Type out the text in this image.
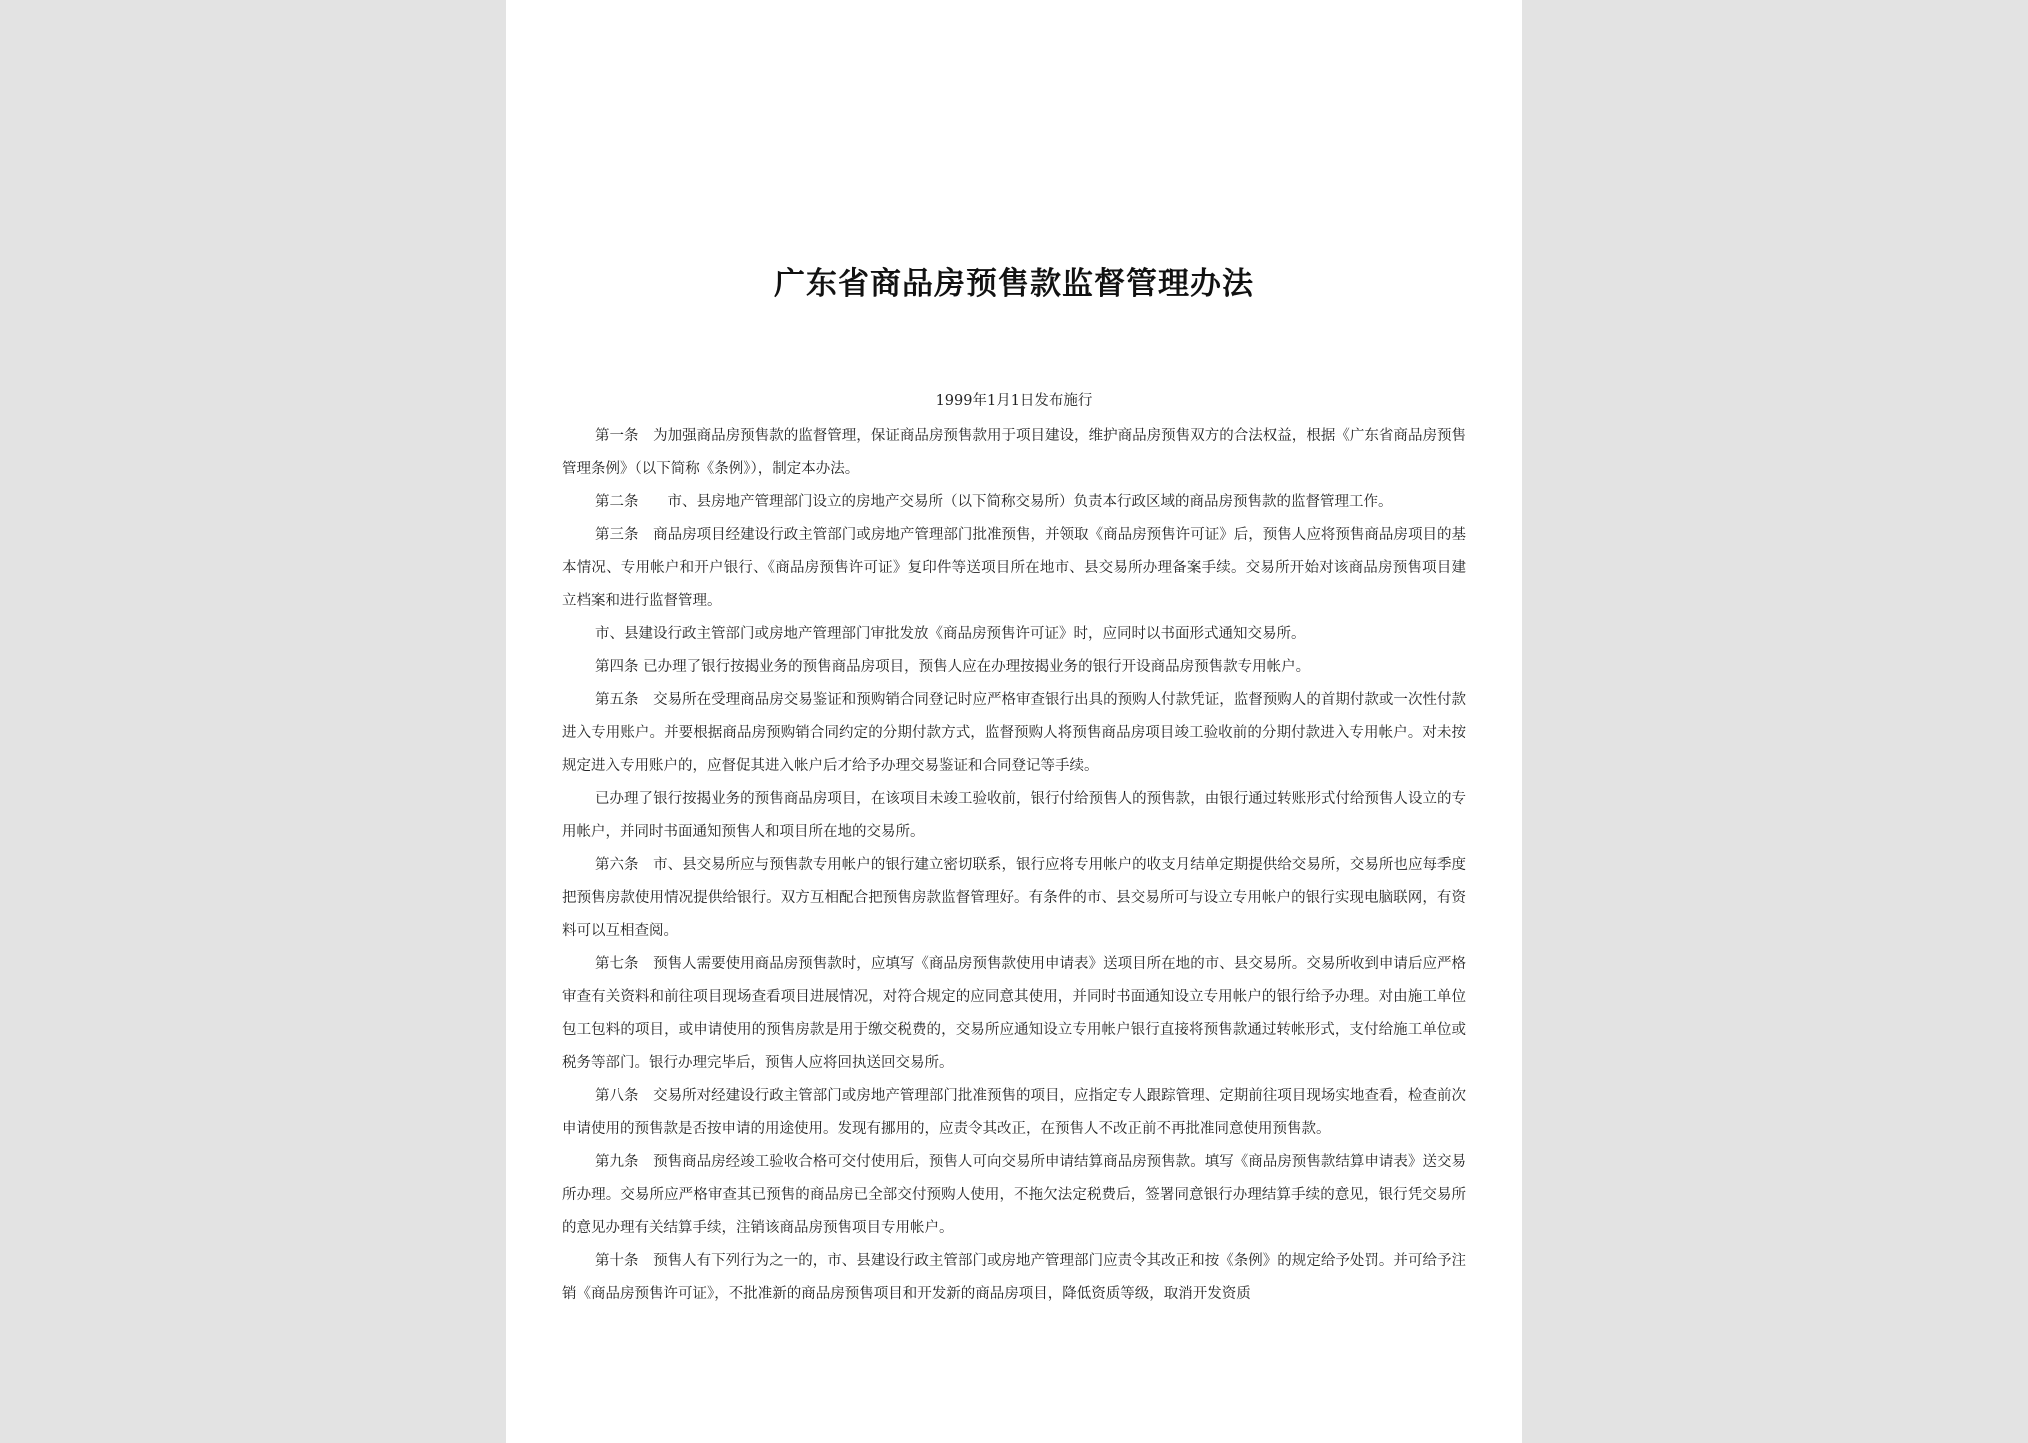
广东省商品房预售款监督管理办法
1999年1月1日发布施行

第一条　为加强商品房预售款的监督管理，保证商品房预售款用于项目建设，维护商品房预售双方的合法权益，根据《广东省商品房预售管理条例》（以下简称《条例》），制定本办法。

第二条　　市、县房地产管理部门设立的房地产交易所（以下简称交易所）负责本行政区域的商品房预售款的监督管理工作。

第三条　商品房项目经建设行政主管部门或房地产管理部门批准预售，并领取《商品房预售许可证》后，预售人应将预售商品房项目的基本情况、专用帐户和开户银行、《商品房预售许可证》复印件等送项目所在地市、县交易所办理备案手续。交易所开始对该商品房预售项目建立档案和进行监督管理。

市、县建设行政主管部门或房地产管理部门审批发放《商品房预售许可证》时，应同时以书面形式通知交易所。

第四条 已办理了银行按揭业务的预售商品房项目，预售人应在办理按揭业务的银行开设商品房预售款专用帐户。

第五条　交易所在受理商品房交易鉴证和预购销合同登记时应严格审查银行出具的预购人付款凭证，监督预购人的首期付款或一次性付款进入专用账户。并要根据商品房预购销合同约定的分期付款方式，监督预购人将预售商品房项目竣工验收前的分期付款进入专用帐户。对未按规定进入专用账户的，应督促其进入帐户后才给予办理交易鉴证和合同登记等手续。

已办理了银行按揭业务的预售商品房项目，在该项目未竣工验收前，银行付给预售人的预售款，由银行通过转账形式付给预售人设立的专用帐户，并同时书面通知预售人和项目所在地的交易所。

第六条　市、县交易所应与预售款专用帐户的银行建立密切联系，银行应将专用帐户的收支月结单定期提供给交易所，交易所也应每季度把预售房款使用情况提供给银行。双方互相配合把预售房款监督管理好。有条件的市、县交易所可与设立专用帐户的银行实现电脑联网，有资料可以互相查阅。

第七条　预售人需要使用商品房预售款时，应填写《商品房预售款使用申请表》送项目所在地的市、县交易所。交易所收到申请后应严格审查有关资料和前往项目现场查看项目进展情况，对符合规定的应同意其使用，并同时书面通知设立专用帐户的银行给予办理。对由施工单位包工包料的项目，或申请使用的预售房款是用于缴交税费的，交易所应通知设立专用帐户银行直接将预售款通过转帐形式，支付给施工单位或税务等部门。银行办理完毕后，预售人应将回执送回交易所。

第八条　交易所对经建设行政主管部门或房地产管理部门批准预售的项目，应指定专人跟踪管理、定期前往项目现场实地查看，检查前次申请使用的预售款是否按申请的用途使用。发现有挪用的，应责令其改正，在预售人不改正前不再批准同意使用预售款。

第九条　预售商品房经竣工验收合格可交付使用后，预售人可向交易所申请结算商品房预售款。填写《商品房预售款结算申请表》送交易所办理。交易所应严格审查其已预售的商品房已全部交付预购人使用，不拖欠法定税费后，签署同意银行办理结算手续的意见，银行凭交易所的意见办理有关结算手续，注销该商品房预售项目专用帐户。

第十条　预售人有下列行为之一的，市、县建设行政主管部门或房地产管理部门应责令其改正和按《条例》的规定给予处罚。并可给予注销《商品房预售许可证》，不批准新的商品房预售项目和开发新的商品房项目，降低资质等级，取消开发资质
